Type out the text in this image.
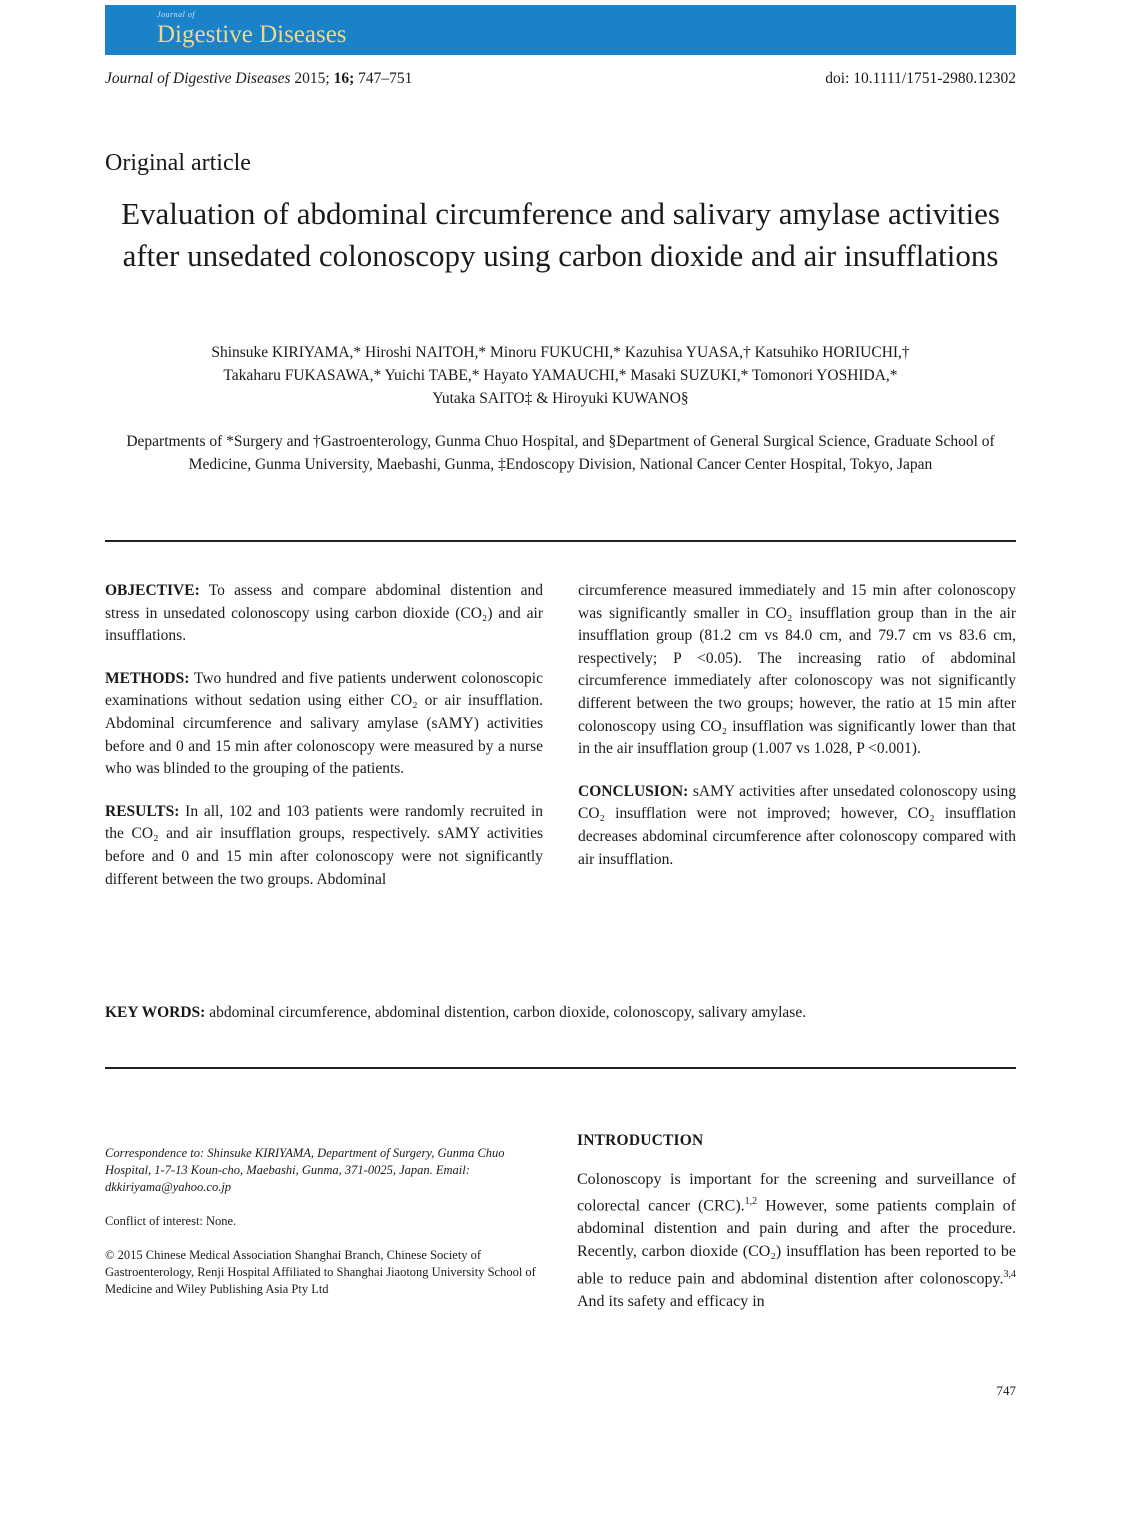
Journal of
Digestive Diseases
Journal of Digestive Diseases 2015; 16; 747–751	doi: 10.1111/1751-2980.12302
Original article
Evaluation of abdominal circumference and salivary amylase activities after unsedated colonoscopy using carbon dioxide and air insufflations
Shinsuke KIRIYAMA,* Hiroshi NAITOH,* Minoru FUKUCHI,* Kazuhisa YUASA,† Katsuhiko HORIUCHI,†
Takaharu FUKASAWA,* Yuichi TABE,* Hayato YAMAUCHI,* Masaki SUZUKI,* Tomonori YOSHIDA,*
Yutaka SAITO‡ & Hiroyuki KUWANO§
Departments of *Surgery and †Gastroenterology, Gunma Chuo Hospital, and §Department of General Surgical Science, Graduate School of Medicine, Gunma University, Maebashi, Gunma, ‡Endoscopy Division, National Cancer Center Hospital, Tokyo, Japan

OBJECTIVE: To assess and compare abdominal distention and stress in unsedated colonoscopy using carbon dioxide (CO₂) and air insufflations.

METHODS: Two hundred and five patients underwent colonoscopic examinations without sedation using either CO₂ or air insufflation. Abdominal circumference and salivary amylase (sAMY) activities before and 0 and 15 min after colonoscopy were measured by a nurse who was blinded to the grouping of the patients.

RESULTS: In all, 102 and 103 patients were randomly recruited in the CO₂ and air insufflation groups, respectively. sAMY activities before and 0 and 15 min after colonoscopy were not significantly different between the two groups. Abdominal

circumference measured immediately and 15 min after colonoscopy was significantly smaller in CO₂ insufflation group than in the air insufflation group (81.2 cm vs 84.0 cm, and 79.7 cm vs 83.6 cm, respectively; P <0.05). The increasing ratio of abdominal circumference immediately after colonoscopy was not significantly different between the two groups; however, the ratio at 15 min after colonoscopy using CO₂ insufflation was significantly lower than that in the air insufflation group (1.007 vs 1.028, P <0.001).

CONCLUSION: sAMY activities after unsedated colonoscopy using CO₂ insufflation were not improved; however, CO₂ insufflation decreases abdominal circumference after colonoscopy compared with air insufflation.

KEY WORDS: abdominal circumference, abdominal distention, carbon dioxide, colonoscopy, salivary amylase.

Correspondence to: Shinsuke KIRIYAMA, Department of Surgery, Gunma Chuo Hospital, 1-7-13 Koun-cho, Maebashi, Gunma, 371-0025, Japan. Email: dkkiriyama@yahoo.co.jp

Conflict of interest: None.

© 2015 Chinese Medical Association Shanghai Branch, Chinese Society of Gastroenterology, Renji Hospital Affiliated to Shanghai Jiaotong University School of Medicine and Wiley Publishing Asia Pty Ltd

INTRODUCTION

Colonoscopy is important for the screening and surveillance of colorectal cancer (CRC).$^{1,2}$ However, some patients complain of abdominal distention and pain during and after the procedure. Recently, carbon dioxide (CO₂) insufflation has been reported to be able to reduce pain and abdominal distention after colonoscopy.$^{3,4}$ And its safety and efficacy in

747
